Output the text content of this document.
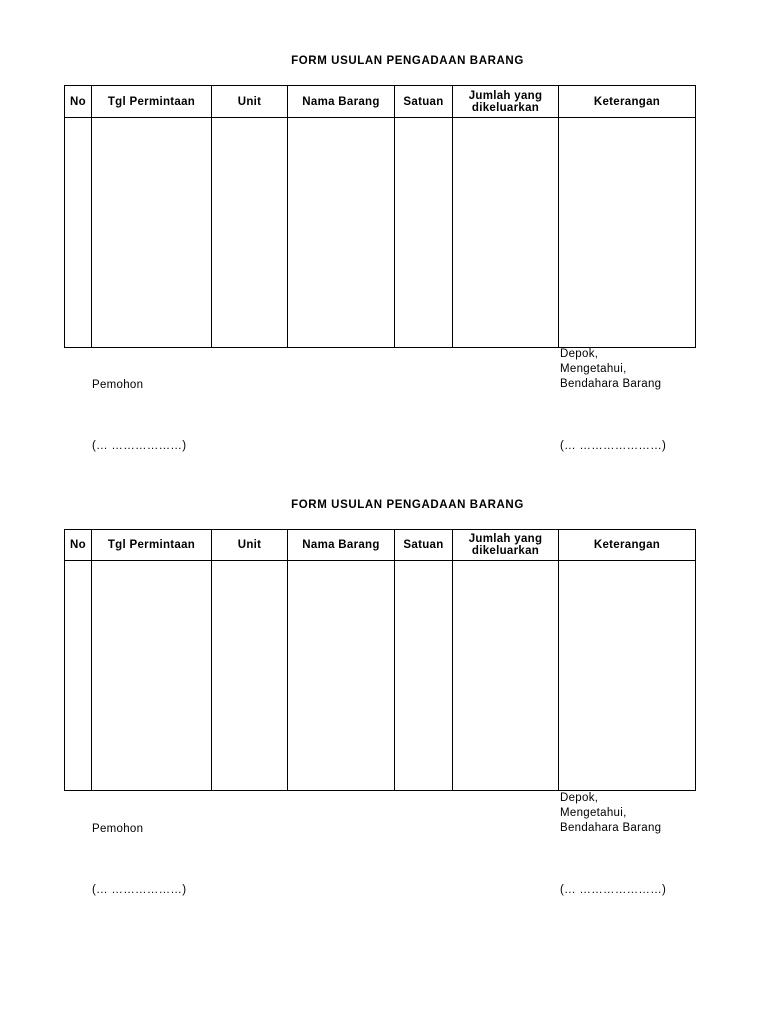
FORM USULAN PENGADAAN BARANG
No	Tgl Permintaan	Unit	Nama Barang	Satuan	Jumlah yang dikeluarkan	Keterangan

Depok,
Mengetahui,
Bendahara Barang
Pemohon
(… ………………)	(… …………………)
FORM USULAN PENGADAAN BARANG
No	Tgl Permintaan	Unit	Nama Barang	Satuan	Jumlah yang dikeluarkan	Keterangan

Depok,
Mengetahui,
Bendahara Barang
Pemohon
(… ………………)	(… …………………)
